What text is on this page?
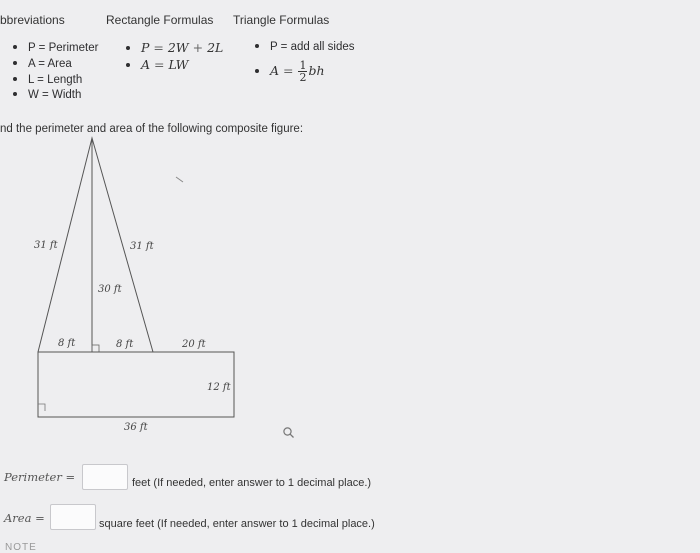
bbreviations	Rectangle Formulas Triangle Formulas
P = Perimeter
A = Area
L = Length
W = Width
P = 2W + 2L
A = LW
P = add all sides
$A = \frac{1}{2}$ bh
nd the perimeter and area of the following composite figure:
31 ft	31 ft
30 ft
8 ft	8 ft	20 ft
12 ft
36 ft
Perimeter =	feet (If needed, enter answer to 1 decimal place.)
Area =	square feet (If needed, enter answer to 1 decimal place.)
NOTE
